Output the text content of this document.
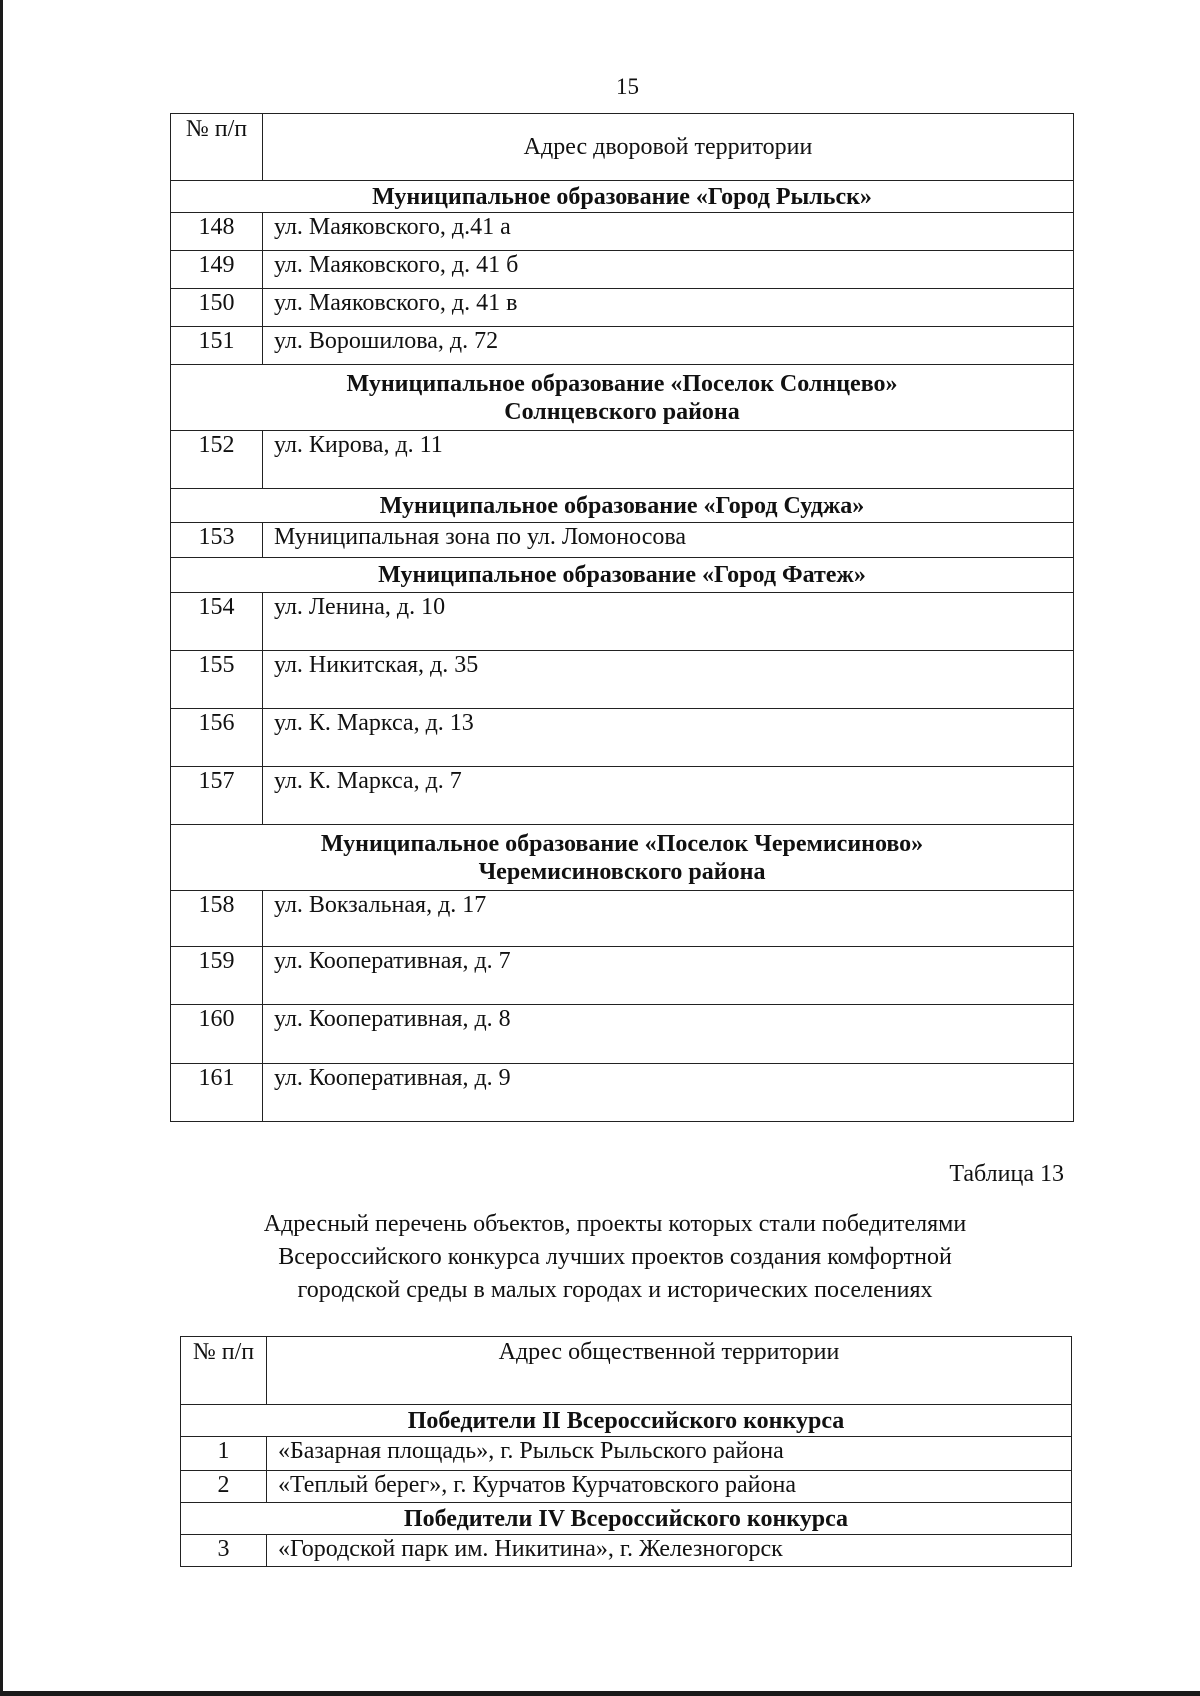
15
№ п/п	Адрес дворовой территории
Муниципальное образование «Город Рыльск»	
148	ул. Маяковского, д.41 а
149	ул. Маяковского, д. 41 б
150	ул. Маяковского, д. 41 в
151	ул. Ворошилова, д. 72

Муниципальное образование «Поселок Солнцево»
Солнцевского района	

152	ул. Кирова, д. 11
Муниципальное образование «Город Суджа»	
153	Муниципальная зона по ул. Ломоносова
Муниципальное образование «Город Фатеж»	
154	ул. Ленина, д. 10
155	ул. Никитская, д. 35
156	ул. К. Маркса, д. 13
157	ул. К. Маркса, д. 7

Муниципальное образование «Поселок Черемисиново»
Черемисиновского района	

158	ул. Вокзальная, д. 17
159	ул. Кооперативная, д. 7
160	ул. Кооперативная, д. 8
161	ул. Кооперативная, д. 9
Таблица 13
Адресный перечень объектов, проекты которых стали победителями
Всероссийского конкурса лучших проектов создания комфортной
городской среды в малых городах и исторических поселениях
№ п/п	Адрес общественной территории
Победители II Всероссийского конкурса	
1	«Базарная площадь», г. Рыльск Рыльского района
2	«Теплый берег», г. Курчатов Курчатовского района
Победители IV Всероссийского конкурса	
3	«Городской парк им. Никитина», г. Железногорск
